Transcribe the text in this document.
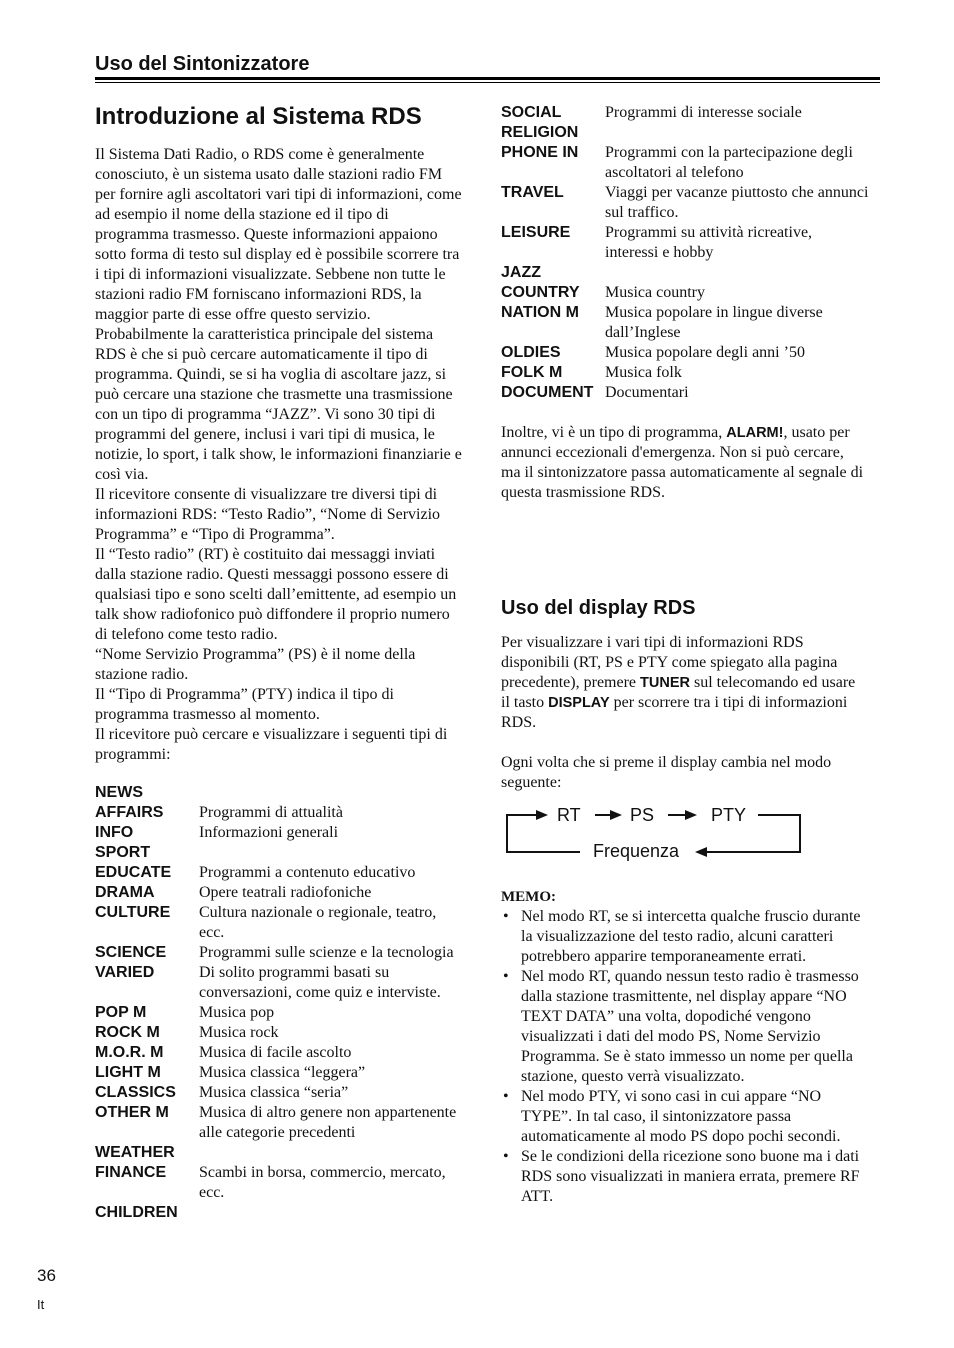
Uso del Sintonizzatore
Introduzione al Sistema RDS

Il Sistema Dati Radio, o RDS come è generalmente
conosciuto, è un sistema usato dalle stazioni radio FM
per fornire agli ascoltatori vari tipi di informazioni, come
ad esempio il nome della stazione ed il tipo di
programma trasmesso. Queste informazioni appaiono
sotto forma di testo sul display ed è possibile scorrere tra
i tipi di informazioni visualizzate. Sebbene non tutte le
stazioni radio FM forniscano informazioni RDS, la
maggior parte di esse offre questo servizio.

Probabilmente la caratteristica principale del sistema
RDS è che si può cercare automaticamente il tipo di
programma. Quindi, se si ha voglia di ascoltare jazz, si
può cercare una stazione che trasmette una trasmissione
con un tipo di programma “JAZZ”. Vi sono 30 tipi di
programmi del genere, inclusi i vari tipi di musica, le
notizie, lo sport, i talk show, le informazioni finanziarie e
così via.

Il ricevitore consente di visualizzare tre diversi tipi di
informazioni RDS: “Testo Radio”, “Nome di Servizio
Programma” e “Tipo di Programma”.

Il “Testo radio” (RT) è costituito dai messaggi inviati
dalla stazione radio. Questi messaggi possono essere di
qualsiasi tipo e sono scelti dall’emittente, ad esempio un
talk show radiofonico può diffondere il proprio numero
di telefono come testo radio.

“Nome Servizio Programma” (PS) è il nome della
stazione radio.

Il “Tipo di Programma” (PTY) indica il tipo di
programma trasmesso al momento.

Il ricevitore può cercare e visualizzare i seguenti tipi di
programmi:

NEWS
AFFAIRS	Programmi di attualità
INFO	Informazioni generali
SPORT
EDUCATE	Programmi a contenuto educativo
DRAMA	Opere teatrali radiofoniche
CULTURE	Cultura nazionale o regionale, teatro,
ecc.
SCIENCE	Programmi sulle scienze e la tecnologia
VARIED	Di solito programmi basati su
conversazioni, come quiz e interviste.
POP M	Musica pop
ROCK M	Musica rock
M.O.R. M	Musica di facile ascolto
LIGHT M	Musica classica “leggera”
CLASSICS	Musica classica “seria”
OTHER M	Musica di altro genere non appartenente
alle categorie precedenti
WEATHER
FINANCE	Scambi in borsa, commercio, mercato,
ecc.
CHILDREN
SOCIAL	Programmi di interesse sociale
RELIGION
PHONE IN	Programmi con la partecipazione degli
ascoltatori al telefono
TRAVEL	Viaggi per vacanze piuttosto che annunci
sul traffico.
LEISURE	Programmi su attività ricreative,
interessi e hobby
JAZZ
COUNTRY	Musica country
NATION M	Musica popolare in lingue diverse
dall’Inglese
OLDIES	Musica popolare degli anni ’50
FOLK M	Musica folk
DOCUMENT Documentari
Inoltre, vi è un tipo di programma, ALARM!, usato per
annunci eccezionali d'emergenza. Non si può cercare,
ma il sintonizzatore passa automaticamente al segnale di
questa trasmissione RDS.
Uso del display RDS
Per visualizzare i vari tipi di informazioni RDS
disponibili (RT, PS e PTY come spiegato alla pagina
precedente), premere TUNER sul telecomando ed usare
il tasto DISPLAY per scorrere tra i tipi di informazioni
RDS.
Ogni volta che si preme il display cambia nel modo
seguente:
RT	PS	PTY
Frequenza
MEMO:
•
Nel modo RT, se si intercetta qualche fruscio durante
la visualizzazione del testo radio, alcuni caratteri
potrebbero apparire temporaneamente errati.
•
Nel modo RT, quando nessun testo radio è trasmesso
dalla stazione trasmittente, nel display appare “NO
TEXT DATA” una volta, dopodiché vengono
visualizzati i dati del modo PS, Nome Servizio
Programma. Se è stato immesso un nome per quella
stazione, questo verrà visualizzato.
•
Nel modo PTY, vi sono casi in cui appare “NO
TYPE”. In tal caso, il sintonizzatore passa
automaticamente al modo PS dopo pochi secondi.
•
Se le condizioni della ricezione sono buone ma i dati
RDS sono visualizzati in maniera errata, premere RF
ATT.
36
It
